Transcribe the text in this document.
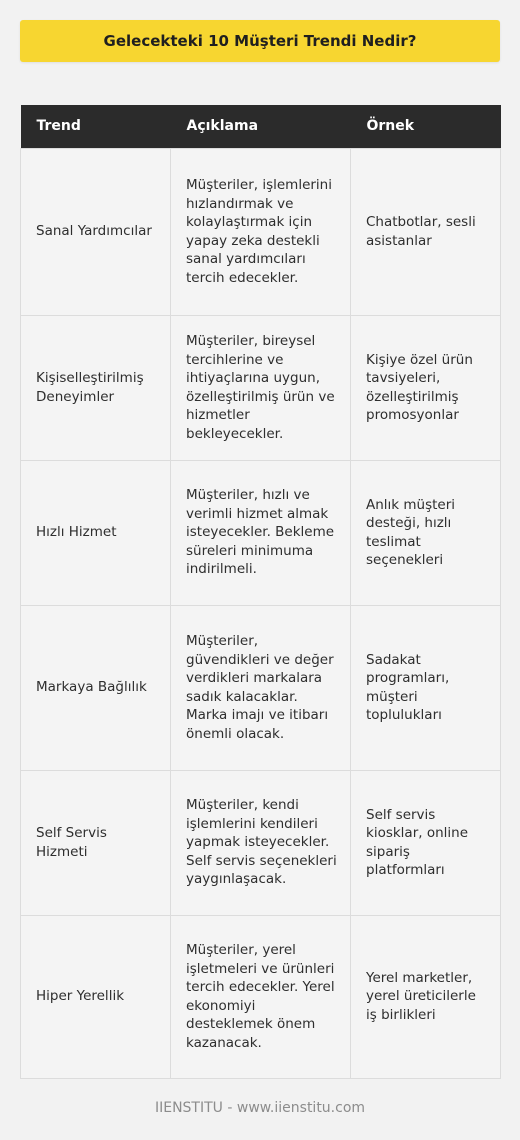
Gelecekteki 10 Müşteri Trendi Nedir?
Trend	Açıklama	Örnek
Sanal Yardımcılar	Müşteriler, işlemlerini hızlandırmak ve kolaylaştırmak için yapay zeka destekli sanal yardımcıları tercih edecekler.	Chatbotlar, sesli asistanlar
Kişiselleştirilmiş Deneyimler	Müşteriler, bireysel tercihlerine ve ihtiyaçlarına uygun, özelleştirilmiş ürün ve hizmetler bekleyecekler.	Kişiye özel ürün tavsiyeleri, özelleştirilmiş promosyonlar
Hızlı Hizmet	Müşteriler, hızlı ve verimli hizmet almak isteyecekler. Bekleme süreleri minimuma indirilmeli.	Anlık müşteri desteği, hızlı teslimat seçenekleri
Markaya Bağlılık	Müşteriler, güvendikleri ve değer verdikleri markalara sadık kalacaklar. Marka imajı ve itibarı önemli olacak.	Sadakat programları, müşteri toplulukları
Self Servis Hizmeti	Müşteriler, kendi işlemlerini kendileri yapmak isteyecekler. Self servis seçenekleri yaygınlaşacak.	Self servis kiosklar, online sipariş platformları
Hiper Yerellik	Müşteriler, yerel işletmeleri ve ürünleri tercih edecekler. Yerel ekonomiyi desteklemek önem kazanacak.	Yerel marketler, yerel üreticilerle iş birlikleri
IIENSTITU - www.iienstitu.com
